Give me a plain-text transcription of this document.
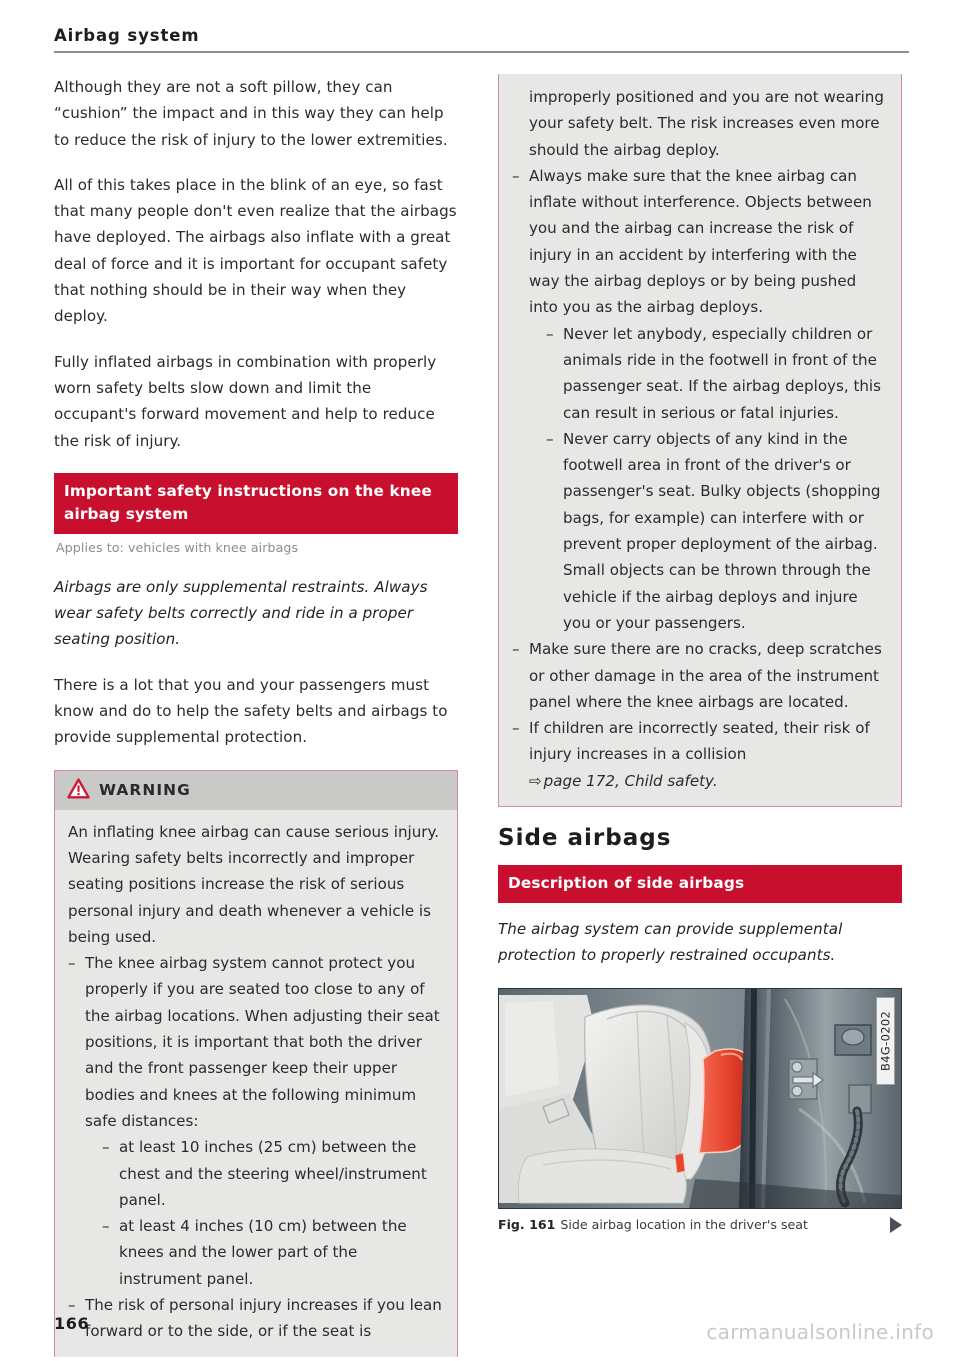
Airbag system

Although they are not a soft pillow, they can “cushion” the impact and in this way they can help to reduce the risk of injury to the lower extremities.

All of this takes place in the blink of an eye, so fast that many people don't even realize that the airbags have deployed. The airbags also inflate with a great deal of force and it is important for occupant safety that nothing should be in their way when they deploy.

Fully inflated airbags in combination with properly worn safety belts slow down and limit the occupant's forward movement and help to reduce the risk of injury.

Important safety instructions on the knee airbag system
Applies to: vehicles with knee airbags

Airbags are only supplemental restraints. Always wear safety belts correctly and ride in a proper seating position.

There is a lot that you and your passengers must know and do to help the safety belts and airbags to provide supplemental protection.

WARNING

An inflating knee airbag can cause serious injury. Wearing safety belts incorrectly and improper seating positions increase the risk of serious personal injury and death whenever a vehicle is being used.

– The knee airbag system cannot protect you properly if you are seated too close to any of the airbag locations. When adjusting their seat positions, it is important that both the driver and the front passenger keep their upper bodies and knees at the following minimum safe distances:
– at least 10 inches (25 cm) between the chest and the steering wheel/instrument panel.
– at least 4 inches (10 cm) between the knees and the lower part of the instrument panel.
– The risk of personal injury increases if you lean forward or to the side, or if the seat is
improperly positioned and you are not wearing your safety belt. The risk increases even more should the airbag deploy.
– Always make sure that the knee airbag can inflate without interference. Objects between you and the airbag can increase the risk of injury in an accident by interfering with the way the airbag deploys or by being pushed into you as the airbag deploys.
– Never let anybody, especially children or animals ride in the footwell in front of the passenger seat. If the airbag deploys, this can result in serious or fatal injuries.
– Never carry objects of any kind in the footwell area in front of the driver's or passenger's seat. Bulky objects (shopping bags, for example) can interfere with or prevent proper deployment of the airbag. Small objects can be thrown through the vehicle if the airbag deploys and injure you or your passengers.
– Make sure there are no cracks, deep scratches or other damage in the area of the instrument panel where the knee airbags are located.
– If children are incorrectly seated, their risk of injury increases in a collision
⇨ page 172, Child safety.
Side airbags
Description of side airbags

The airbag system can provide supplemental protection to properly restrained occupants.

B4G-0202
Fig. 161 Side airbag location in the driver's seat
166	carmanualsonline.info
